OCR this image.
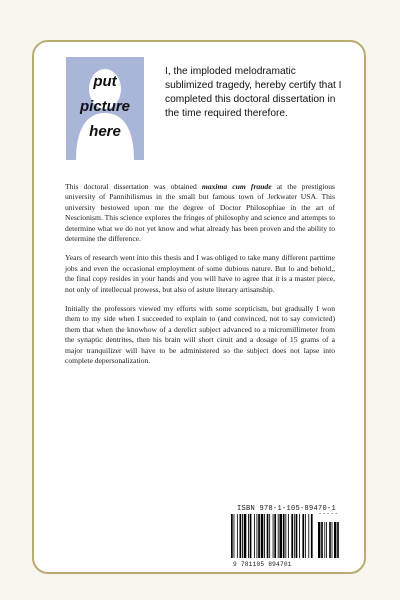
put
picture
here
I, the imploded melodramatic sublimized tragedy, hereby certify that I completed this doctoral dissertation in the time required therefore.

This doctoral dissertation was obtained maxima cum fraude at the prestigious university of Pannihilismus in the small but famous town of Jerkwater USA. This university bestowed upon me the degree of Doctor Philosophiae in the art of Nescionism. This science explores the fringes of philosophy and science and attempts to determine what we do not yet know and what already has been proven and the ability to determine the difference.

Years of research went into this thesis and I was obliged to take many different parttime jobs and even the occasional employment of some dubious nature. But lo and behold,, the final copy resides in your hands and you will have to agree that it is a master piece, not only of intellecual prowess, but also of astute literary artisanship.

Initially the professors viewed my efforts with some scepticism, but gradually I won them to my side when I succeeded to explain to (and convinced, not to say convicted) them that when the knowhow of a derelict subject advanced to a micromillimeter from the synaptic dentrites, then his brain will short ciruit and a dosage of 15 grams of a major tranquilizer will have to be administered so the subject does not lapse into complete depersonalization.

ISBN 978-1-105-89470-1
9 781105 894701
